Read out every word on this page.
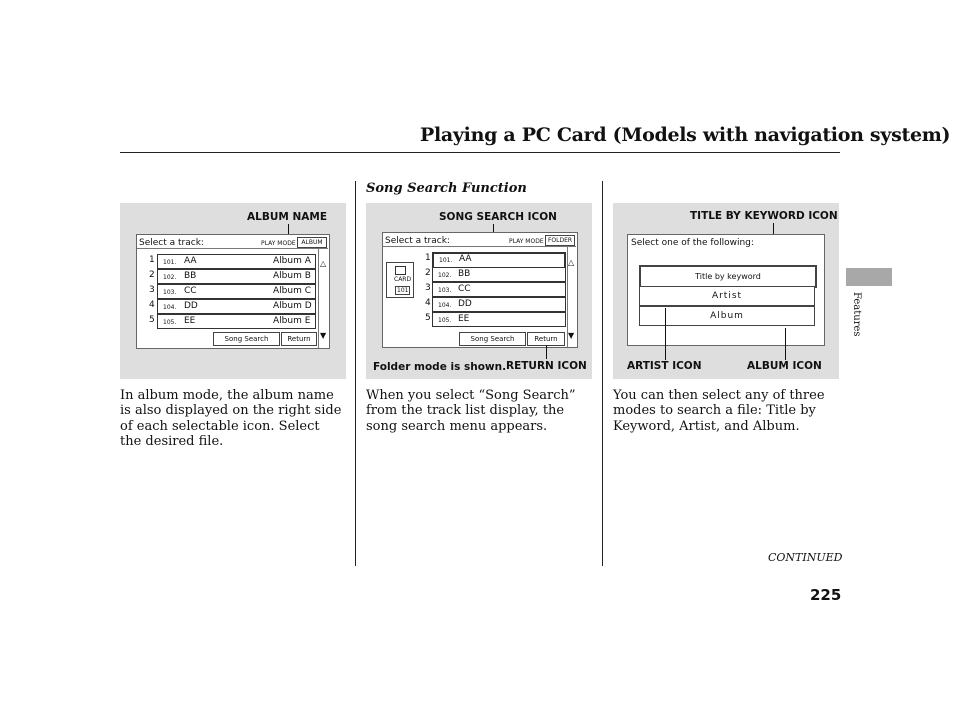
Playing a PC Card (Models with navigation system)
Song Search Function
ALBUM NAME
Select a track:	PLAY MODE ALBUM
1 101. AA	Album A
2 102. BB	Album B
3 103. CC	Album C
4 104. DD	Album D
5 105. EE	Album E
△
▼
Song Search	Return
In album mode, the album name is also displayed on the right side of each selectable icon. Select the desired file.
SONG SEARCH ICON
Select a track:	PLAY MODE FOLDER
CARD
101
1 101. AA
2 102. BB
3 103. CC
4 104. DD
5 105. EE
△
▼
Song Search	Return
Folder mode is shown. RETURN ICON
When you select “Song Search” from the track list display, the song search menu appears.
TITLE BY KEYWORD ICON
Select one of the following:
Title by keyword
Artist
Album
ARTIST ICON	ALBUM ICON
You can then select any of three modes to search a file: Title by Keyword, Artist, and Album.
Features
CONTINUED
225
